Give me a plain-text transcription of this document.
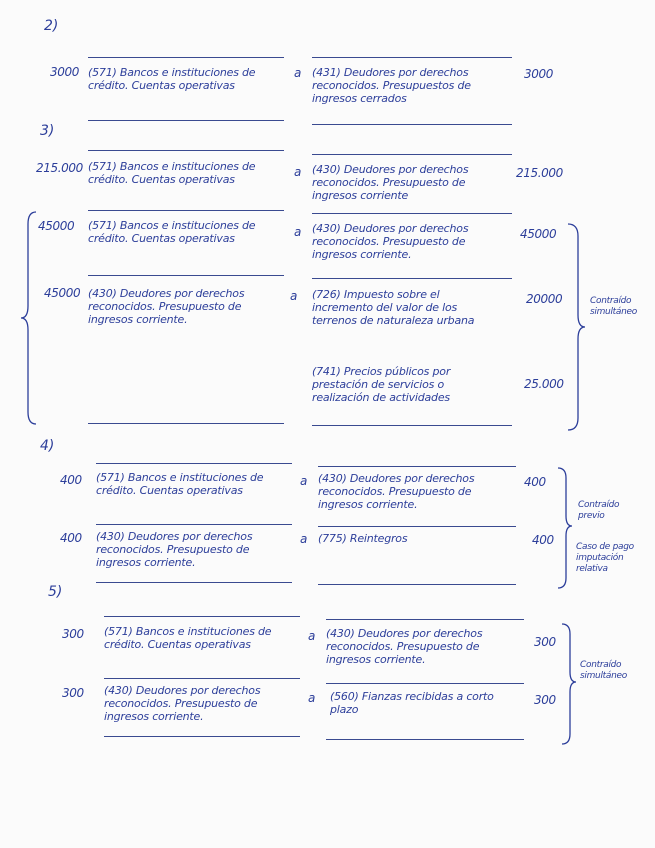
2)
3000 (571) Bancos e instituciones de crédito. Cuentas operativas
a (431) Deudores por derechos reconocidos. Presupuestos de ingresos cerrados
3000
3)
215.000 (571) Bancos e instituciones de crédito. Cuentas operativas
a (430) Deudores por derechos reconocidos. Presupuesto de ingresos corriente
215.000
45000 (571) Bancos e instituciones de crédito. Cuentas operativas	a (430) Deudores por derechos reconocidos. Presupuesto de ingresos corriente.
45000
45000 (430) Deudores por derechos reconocidos. Presupuesto de ingresos corriente.
a (726) Impuesto sobre el incremento del valor de los terrenos de naturaleza urbana
20000
(741) Precios públicos por prestación de servicios o realización de actividades
25.000
Contraído simultáneo
4)
400 (571) Bancos e instituciones de crédito. Cuentas operativas
a (430) Deudores por derechos reconocidos. Presupuesto de ingresos corriente.
400
400 (430) Deudores por derechos reconocidos. Presupuesto de ingresos corriente.
a (775) Reintegros	400
Contraído previo
Caso de pago imputación relativa
5)
300 (571) Bancos e instituciones de crédito. Cuentas operativas
a (430) Deudores por derechos reconocidos. Presupuesto de ingresos corriente.
300
300 (430) Deudores por derechos reconocidos. Presupuesto de ingresos corriente.
a (560) Fianzas recibidas a corto plazo
300
Contraído simultáneo
